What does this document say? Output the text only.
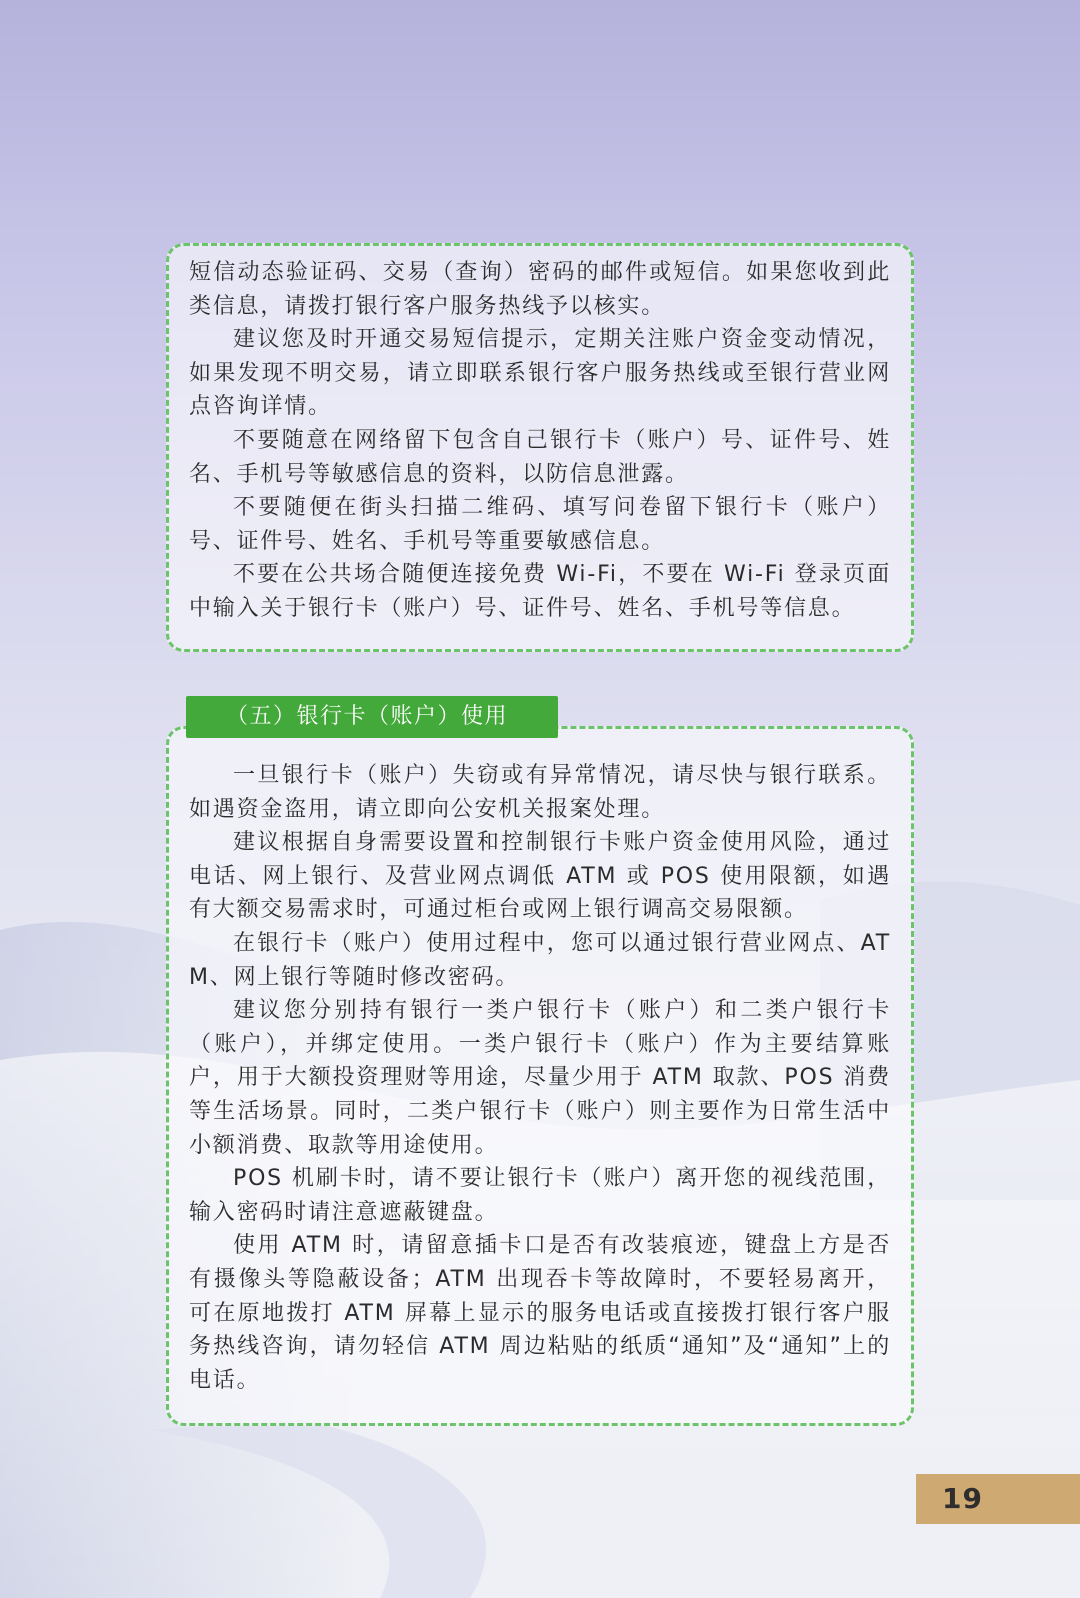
短信动态验证码、交易（查询）密码的邮件或短信。如果您收到此类信息，请拨打银行客户服务热线予以核实。

建议您及时开通交易短信提示，定期关注账户资金变动情况，如果发现不明交易，请立即联系银行客户服务热线或至银行营业网点咨询详情。

不要随意在网络留下包含自己银行卡（账户）号、证件号、姓名、手机号等敏感信息的资料，以防信息泄露。

不要随便在街头扫描二维码、填写问卷留下银行卡（账户）号、证件号、姓名、手机号等重要敏感信息。

不要在公共场合随便连接免费 Wi-Fi，不要在 Wi-Fi 登录页面中输入关于银行卡（账户）号、证件号、姓名、手机号等信息。

一旦银行卡（账户）失窃或有异常情况，请尽快与银行联系。如遇资金盗用，请立即向公安机关报案处理。

建议根据自身需要设置和控制银行卡账户资金使用风险，通过电话、网上银行、及营业网点调低 ATM 或 POS 使用限额，如遇有大额交易需求时，可通过柜台或网上银行调高交易限额。

在银行卡（账户）使用过程中，您可以通过银行营业网点、ATM、网上银行等随时修改密码。

建议您分别持有银行一类户银行卡（账户）和二类户银行卡（账户），并绑定使用。一类户银行卡（账户）作为主要结算账户，用于大额投资理财等用途，尽量少用于 ATM 取款、POS 消费等生活场景。同时，二类户银行卡（账户）则主要作为日常生活中小额消费、取款等用途使用。

POS 机刷卡时，请不要让银行卡（账户）离开您的视线范围，输入密码时请注意遮蔽键盘。

使用 ATM 时，请留意插卡口是否有改装痕迹，键盘上方是否有摄像头等隐蔽设备；ATM 出现吞卡等故障时，不要轻易离开，可在原地拨打 ATM 屏幕上显示的服务电话或直接拨打银行客户服务热线咨询，请勿轻信 ATM 周边粘贴的纸质“通知”及“通知”上的电话。

（五）银行卡（账户）使用
19
